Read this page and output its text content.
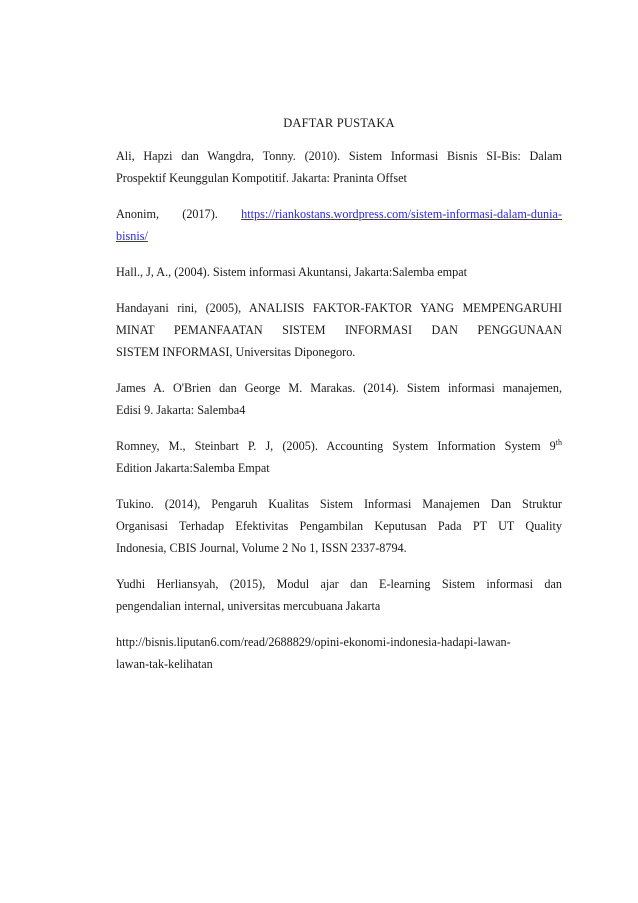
DAFTAR PUSTAKA
Ali, Hapzi dan Wangdra, Tonny. (2010). Sistem Informasi Bisnis SI-Bis: Dalam
Prospektif Keunggulan Kompotitif. Jakarta: Praninta Offset
Anonim, (2017). https://riankostans.wordpress.com/sistem-informasi-dalam-dunia-
bisnis/
Hall., J, A., (2004). Sistem informasi Akuntansi, Jakarta:Salemba empat
Handayani rini, (2005), ANALISIS FAKTOR-FAKTOR YANG MEMPENGARUHI
MINAT PEMANFAATAN SISTEM INFORMASI DAN PENGGUNAAN
SISTEM INFORMASI, Universitas Diponegoro.
James A. O'Brien dan George M. Marakas. (2014). Sistem informasi manajemen,
Edisi 9. Jakarta: Salemba4
Romney, M., Steinbart P. J, (2005). Accounting System Information System 9th
Edition Jakarta:Salemba Empat
Tukino. (2014), Pengaruh Kualitas Sistem Informasi Manajemen Dan Struktur
Organisasi Terhadap Efektivitas Pengambilan Keputusan Pada PT UT Quality
Indonesia, CBIS Journal, Volume 2 No 1, ISSN 2337-8794.
Yudhi Herliansyah, (2015), Modul ajar dan E-learning Sistem informasi dan
pengendalian internal, universitas mercubuana Jakarta
http://bisnis.liputan6.com/read/2688829/opini-ekonomi-indonesia-hadapi-lawan-
lawan-tak-kelihatan
